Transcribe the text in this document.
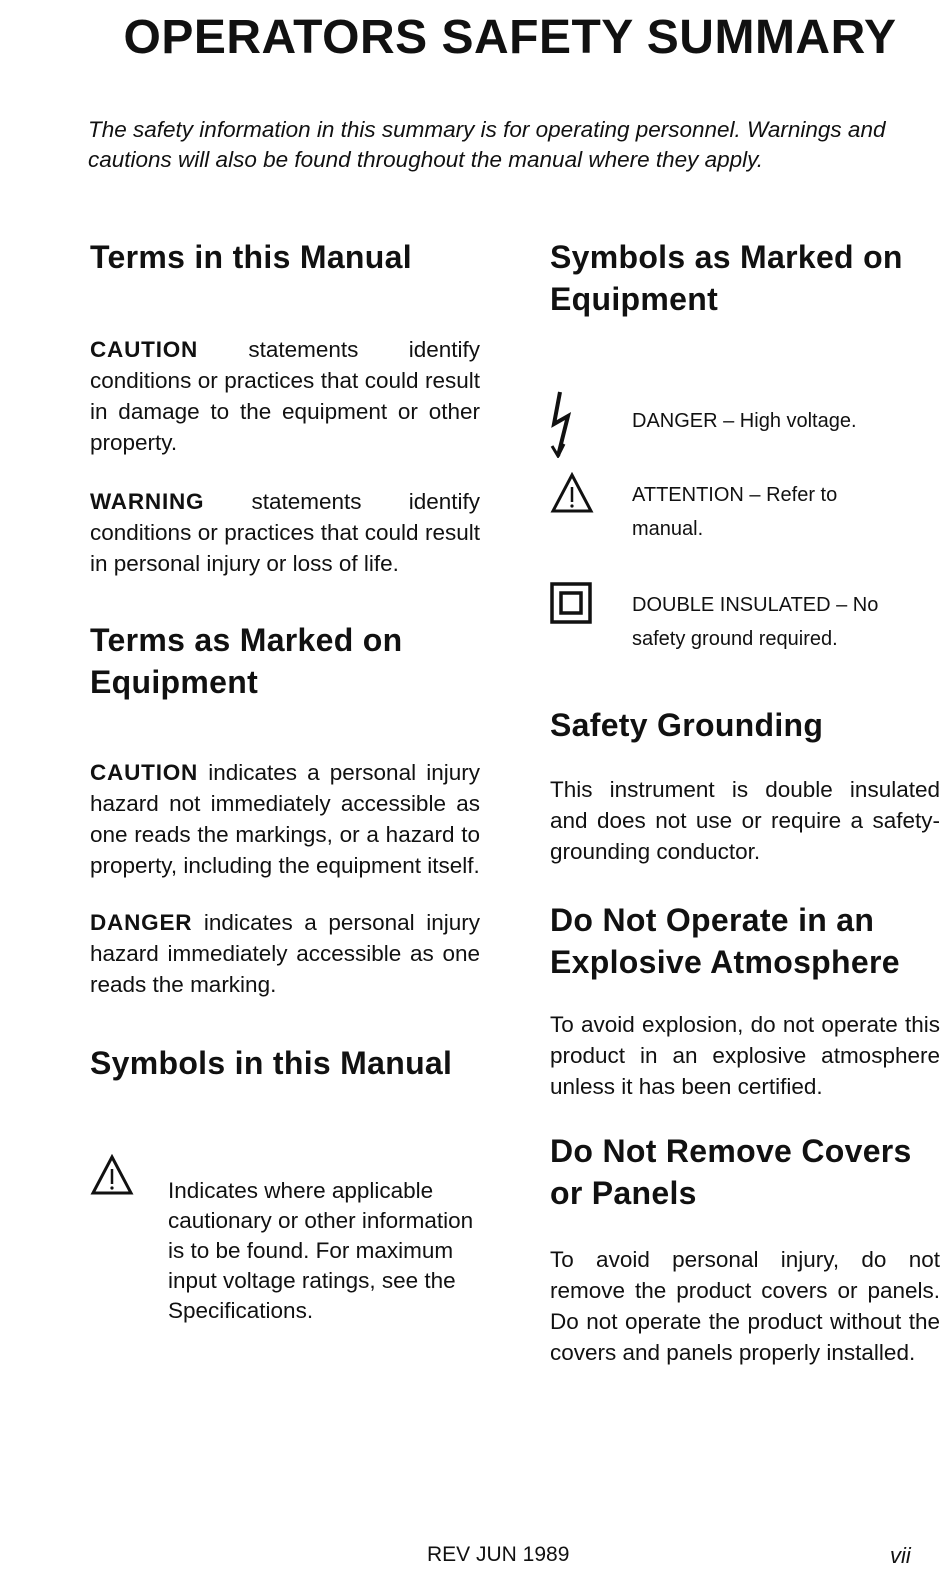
OPERATORS SAFETY SUMMARY

The safety information in this summary is for operating personnel. Warnings and cautions will also be found throughout the manual where they apply.

Terms in this Manual

CAUTION statements identify conditions or practices that could result in damage to the equipment or other property.

WARNING statements identify conditions or practices that could result in personal injury or loss of life.

Terms as Marked on
Equipment

CAUTION indicates a personal injury hazard not immediately accessible as one reads the markings, or a hazard to property, including the equipment itself.

DANGER indicates a personal injury hazard immediately accessible as one reads the marking.

Symbols in this Manual

Indicates where applicable cautionary or other information is to be found. For maximum input voltage ratings, see the Specifications.

Symbols as Marked on
Equipment
DANGER – High voltage.
ATTENTION – Refer to manual.
DOUBLE INSULATED – No safety ground required.
Safety Grounding

This instrument is double insulated and does not use or require a safety-grounding conductor.

Do Not Operate in an
Explosive Atmosphere

To avoid explosion, do not operate this product in an explosive atmosphere unless it has been certified.

Do Not Remove Covers
or Panels

To avoid personal injury, do not remove the product covers or panels. Do not operate the product without the covers and panels properly installed.

REV JUN 1989	vii
